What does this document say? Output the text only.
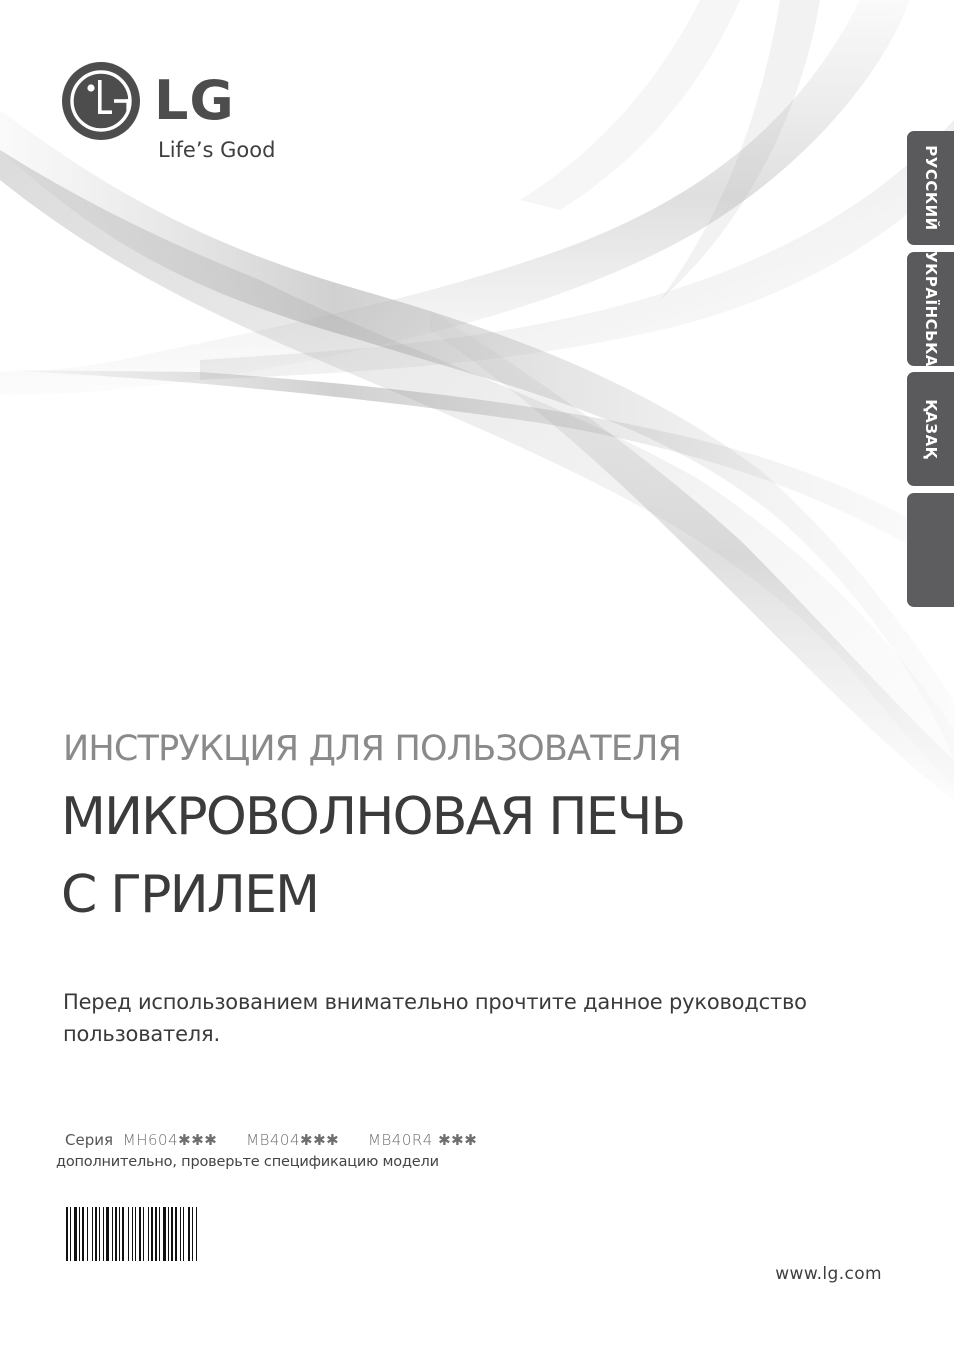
LG
Life’s Good	РУССКИЙ
УКРАЇНСЬКА
ҚАЗАҚ
ИНСТРУКЦИЯ ДЛЯ ПОЛЬЗОВАТЕЛЯ
МИКРОВОЛНОВАЯ ПЕЧЬ
С ГРИЛЕМ
Перед использованием внимательно прочтите данное руководство пользователя.
Серия MH604✱✱✱ MB404✱✱✱ MB40R4 ✱✱✱
дополнительно, проверьте спецификацию модели
www.lg.com
